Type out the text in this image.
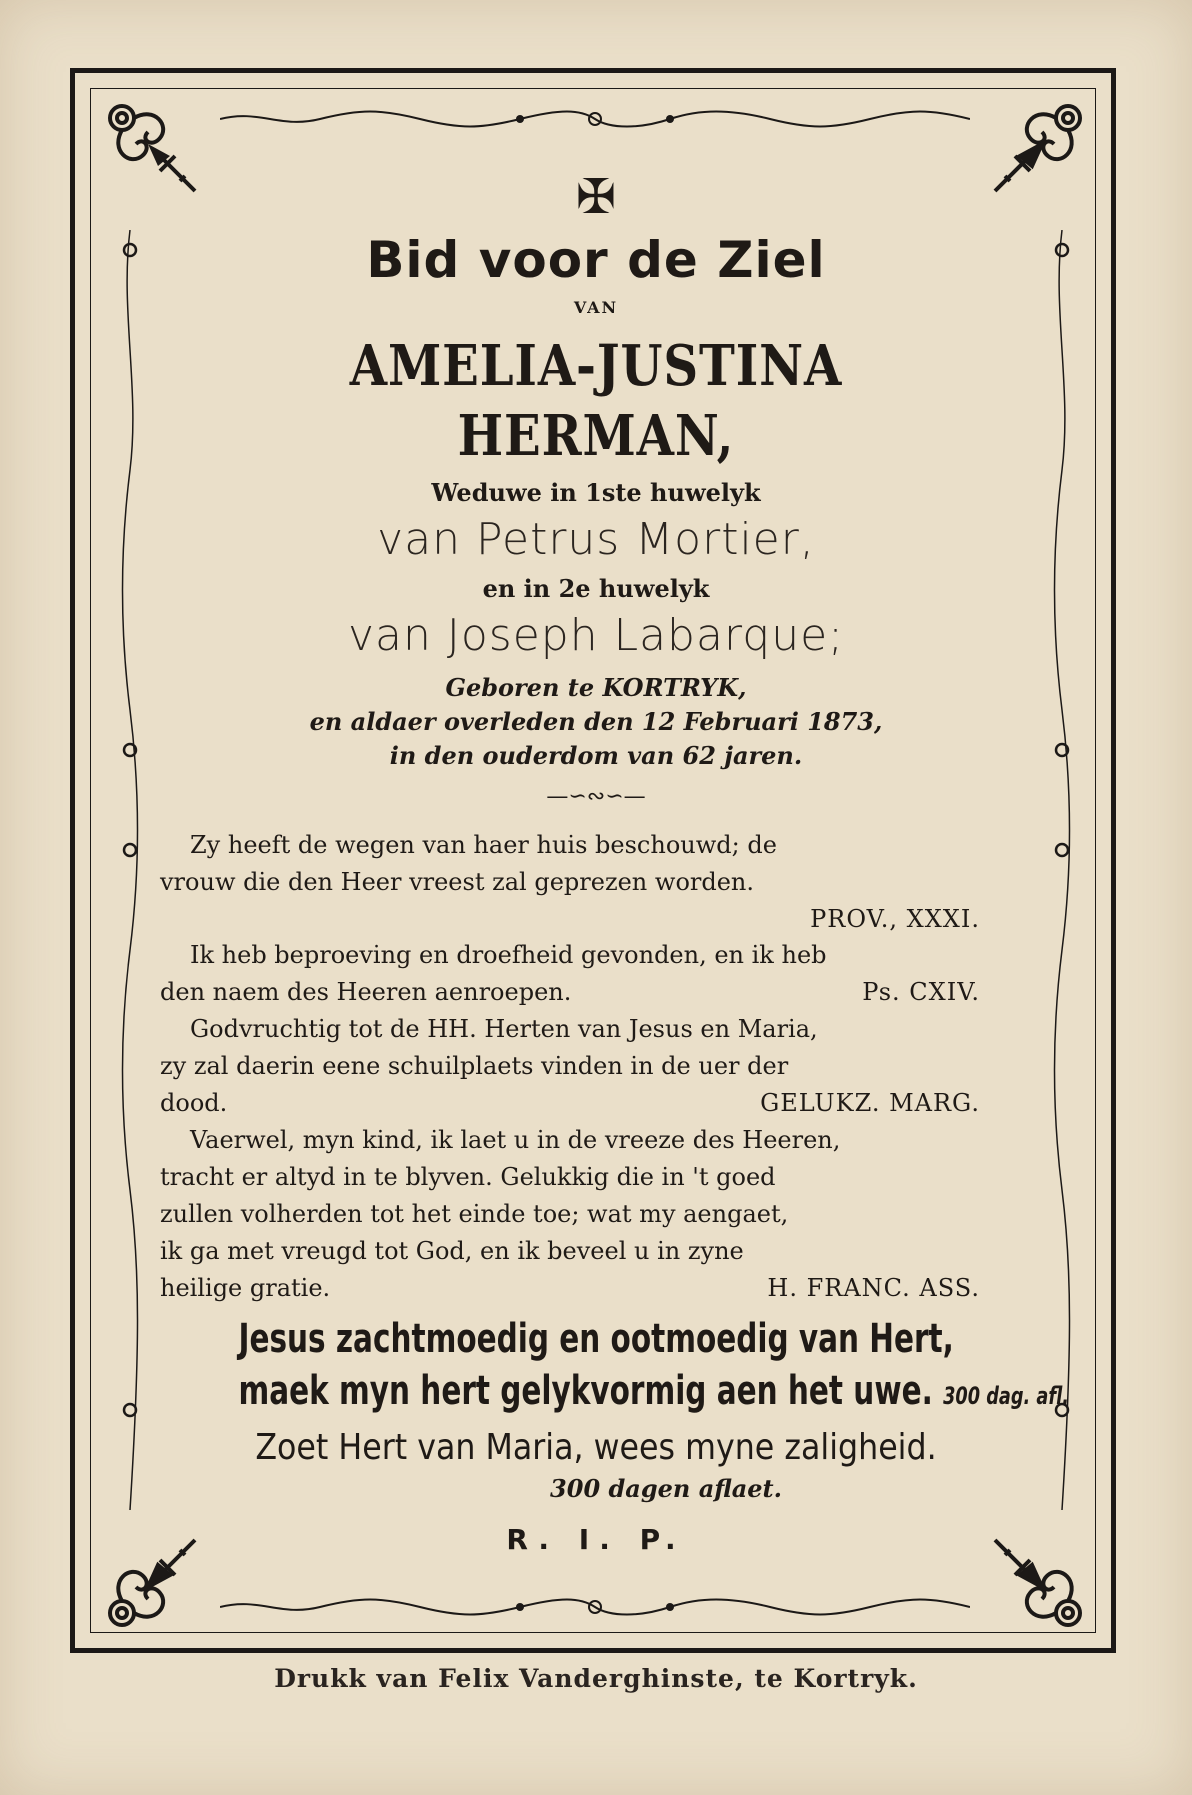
✠
Bid voor de Ziel
VAN
AMELIA-JUSTINA HERMAN,
Weduwe in 1ste huwelyk
van Petrus Mortier,
en in 2e huwelyk
van Joseph Labarque;
Geboren te KORTRYK,
en aldaer overleden den 12 Februari 1873,
in den ouderdom van 62 jaren.
—∽∾∽—
Zy heeft de wegen van haer huis beschouwd; de
vrouw die den Heer vreest zal geprezen worden.
PROV., XXXI.
Ik heb beproeving en droefheid gevonden, en ik heb
den naem des Heeren aenroepen.	Ps. CXIV.
Godvruchtig tot de HH. Herten van Jesus en Maria,
zy zal daerin eene schuilplaets vinden in de uer der
dood.	GELUKZ. MARG.
Vaerwel, myn kind, ik laet u in de vreeze des Heeren,
tracht er altyd in te blyven. Gelukkig die in 't goed
zullen volherden tot het einde toe; wat my aengaet,
ik ga met vreugd tot God, en ik beveel u in zyne
heilige gratie.	H. FRANC. ASS.
Jesus zachtmoedig en ootmoedig van Hert,
maek myn hert gelykvormig aen het uwe. 300 dag. afl.
Zoet Hert van Maria, wees myne zaligheid.
300 dagen aflaet.
R. I. P.
Drukk van Felix Vanderghinste, te Kortryk.
